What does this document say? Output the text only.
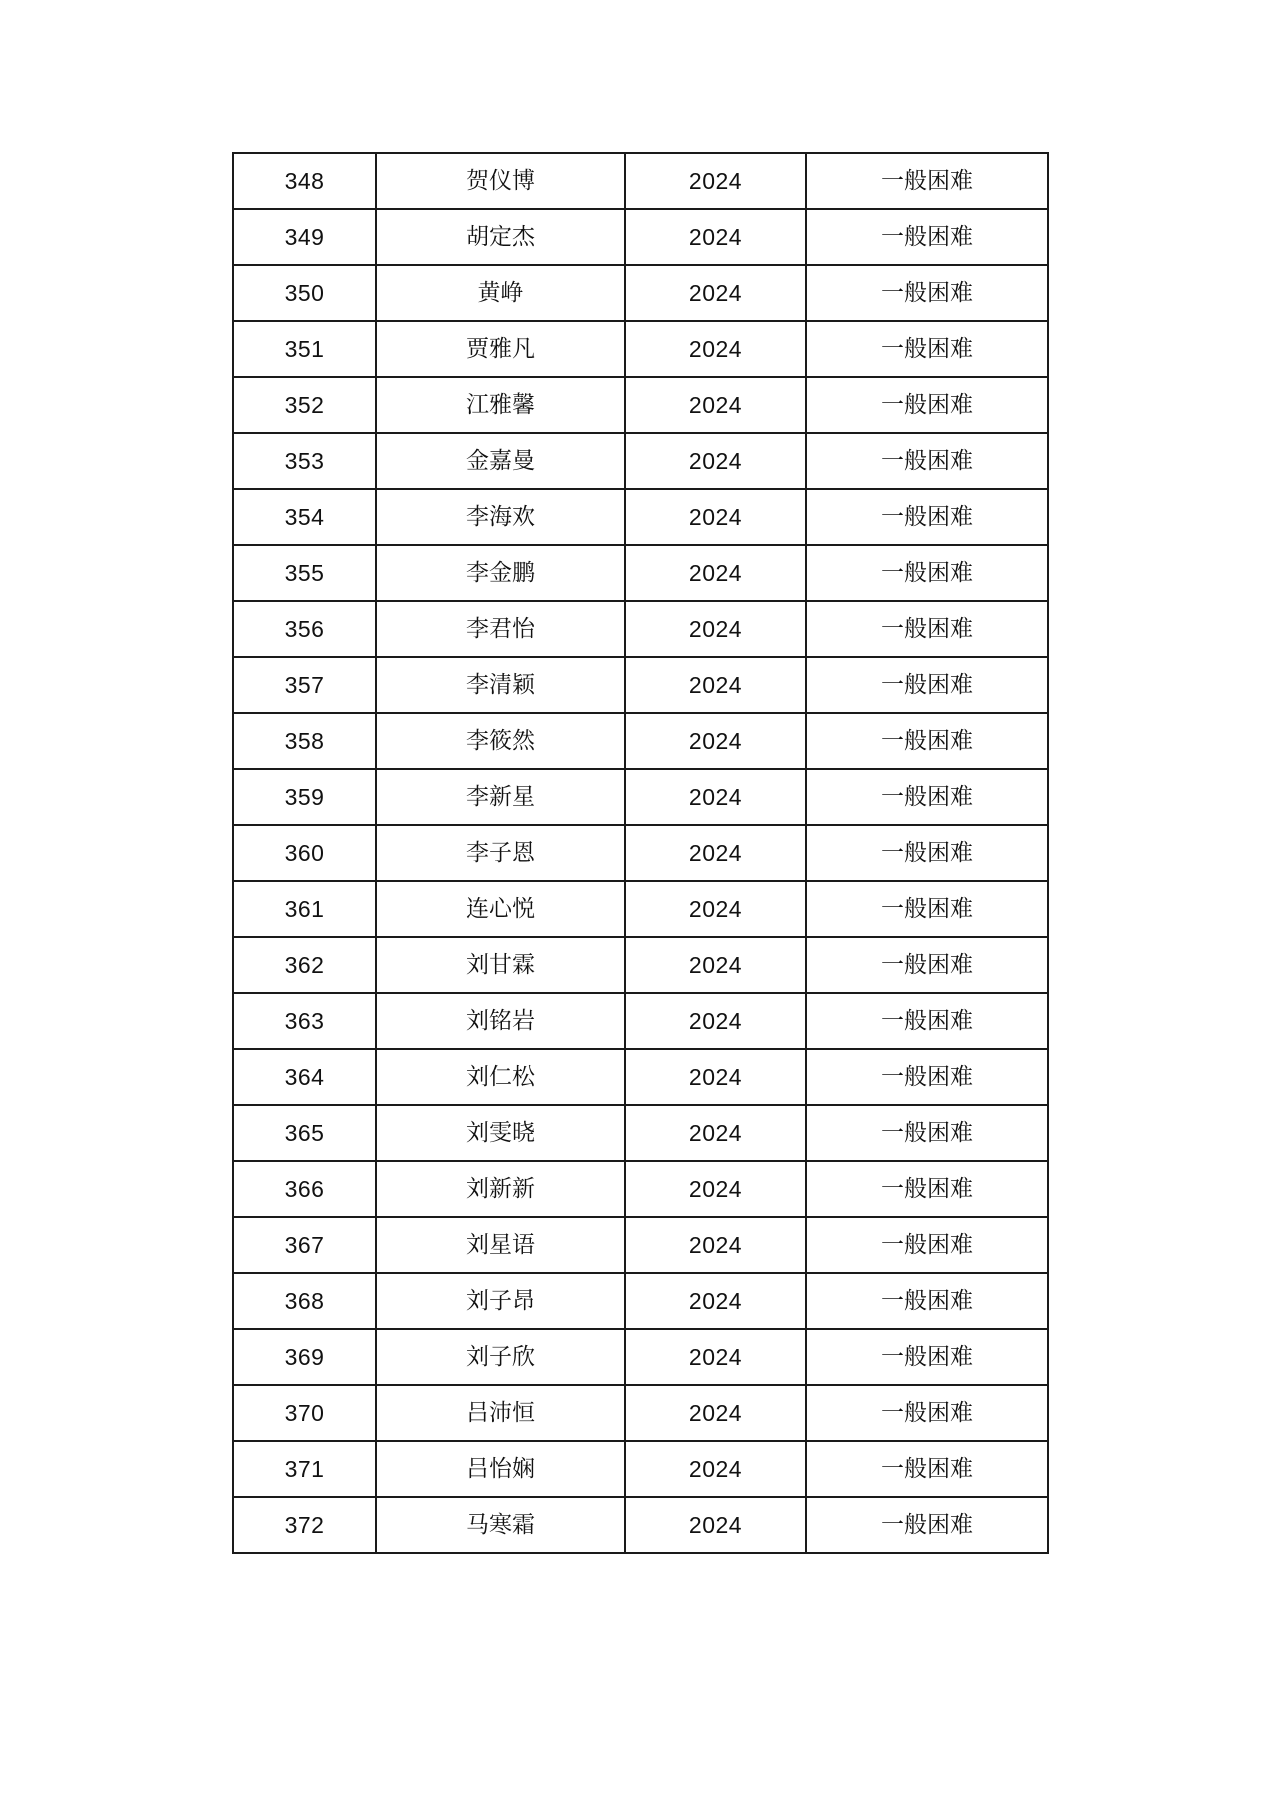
348	贺仪博	2024	一般困难
349	胡定杰	2024	一般困难
350	黄峥	2024	一般困难
351	贾雅凡	2024	一般困难
352	江雅馨	2024	一般困难
353	金嘉曼	2024	一般困难
354	李海欢	2024	一般困难
355	李金鹏	2024	一般困难
356	李君怡	2024	一般困难
357	李清颖	2024	一般困难
358	李筱然	2024	一般困难
359	李新星	2024	一般困难
360	李子恩	2024	一般困难
361	连心悦	2024	一般困难
362	刘甘霖	2024	一般困难
363	刘铭岩	2024	一般困难
364	刘仁松	2024	一般困难
365	刘雯晓	2024	一般困难
366	刘新新	2024	一般困难
367	刘星语	2024	一般困难
368	刘子昂	2024	一般困难
369	刘子欣	2024	一般困难
370	吕沛恒	2024	一般困难
371	吕怡娴	2024	一般困难
372	马寒霜	2024	一般困难
